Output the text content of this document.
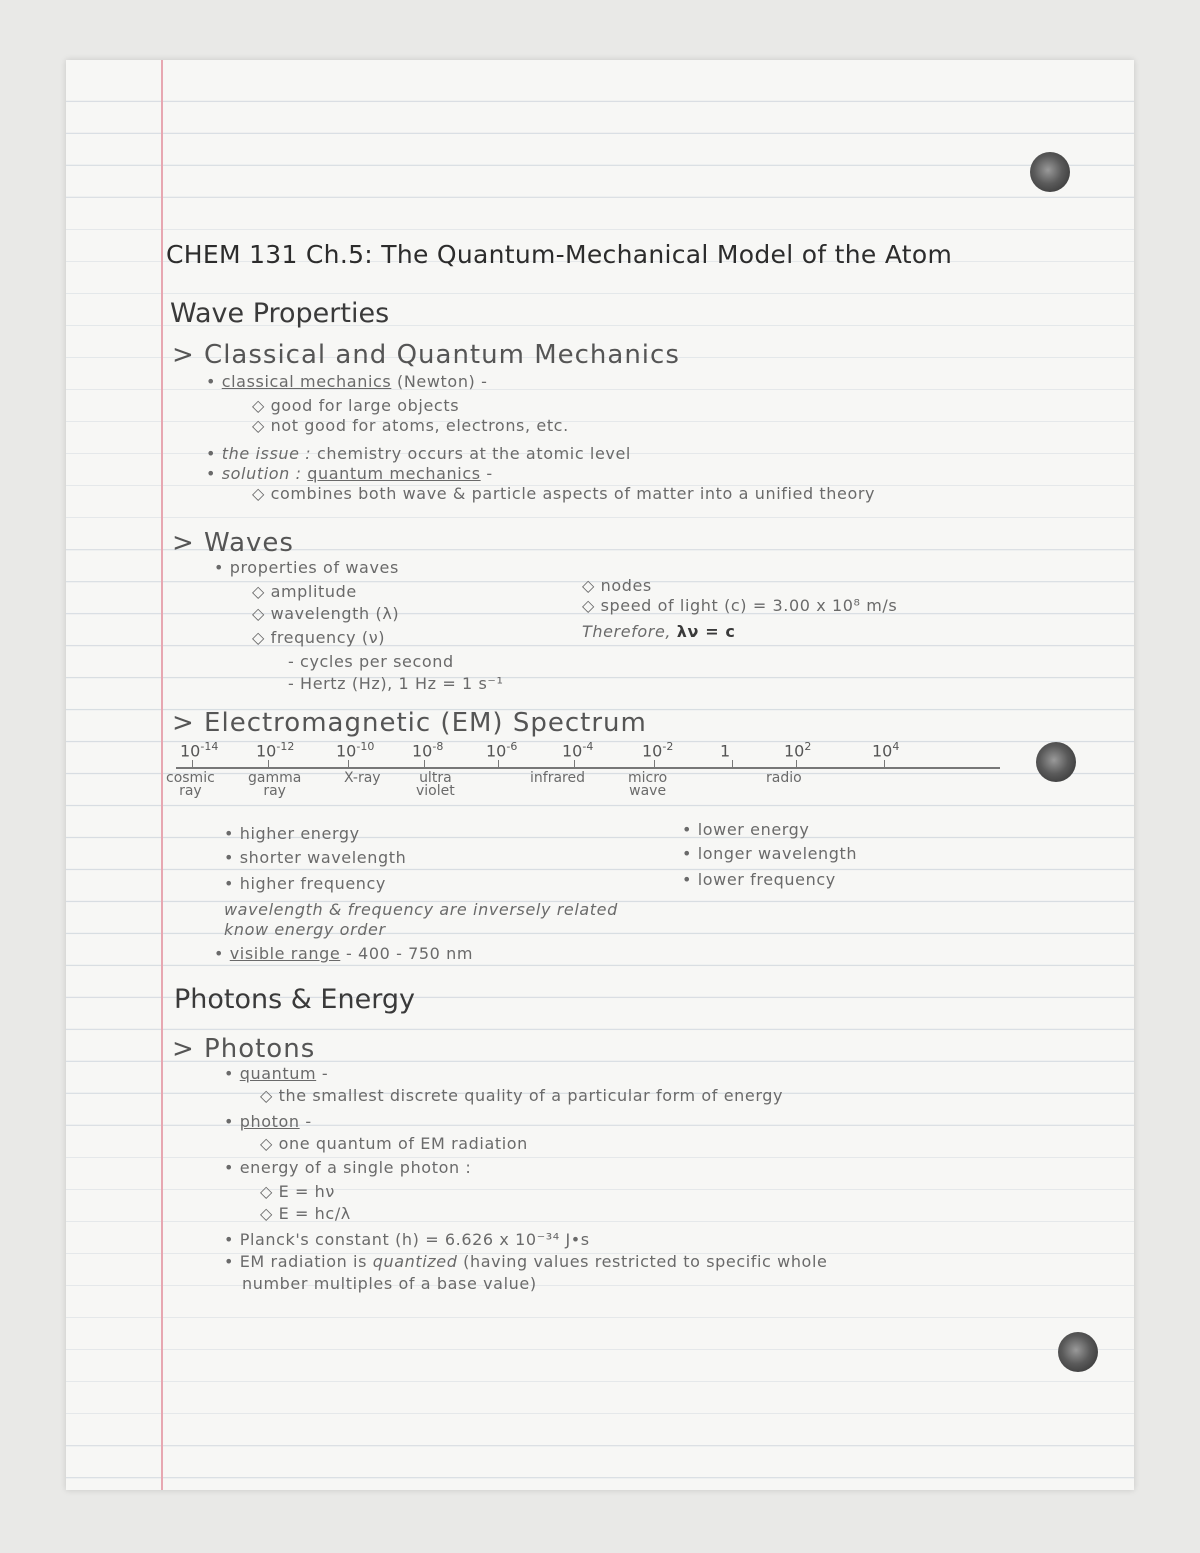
CHEM 131 Ch.5: The Quantum-Mechanical Model of the Atom
Wave Properties
> Classical and Quantum Mechanics
• classical mechanics (Newton) -
◇ good for large objects
◇ not good for atoms, electrons, etc.
• the issue : chemistry occurs at the atomic level
• solution : quantum mechanics -
◇ combines both wave & particle aspects of matter into a unified theory
> Waves
• properties of waves
◇ amplitude
◇ wavelength (λ)
◇ frequency (ν)
- cycles per second
- Hertz (Hz), 1 Hz = 1 s⁻¹
◇ nodes
◇ speed of light (c) = 3.00 x 10⁸ m/s
Therefore, λν = c
> Electromagnetic (EM) Spectrum
$10^{-14}$ $10^{-12}$	$10^{-10}$ $10^{-8}$	$10^{-6}$	$10^{-4}$	$10^{-2}$	1	$10^2$	$10^4$
cosmic
ray
gamma
ray
X-ray	ultra
violet
infrared	micro
wave
radio
• higher energy
• shorter wavelength
• higher frequency
• lower energy
• longer wavelength
• lower frequency
wavelength & frequency are inversely related
know energy order
• visible range - 400 - 750 nm
Photons & Energy
> Photons
• quantum -
◇ the smallest discrete quality of a particular form of energy
• photon -
◇ one quantum of EM radiation
• energy of a single photon :
◇ E = hν
◇ E = hc/λ
• Planck's constant (h) = 6.626 x 10⁻³⁴ J•s
• EM radiation is quantized (having values restricted to specific whole
number multiples of a base value)
